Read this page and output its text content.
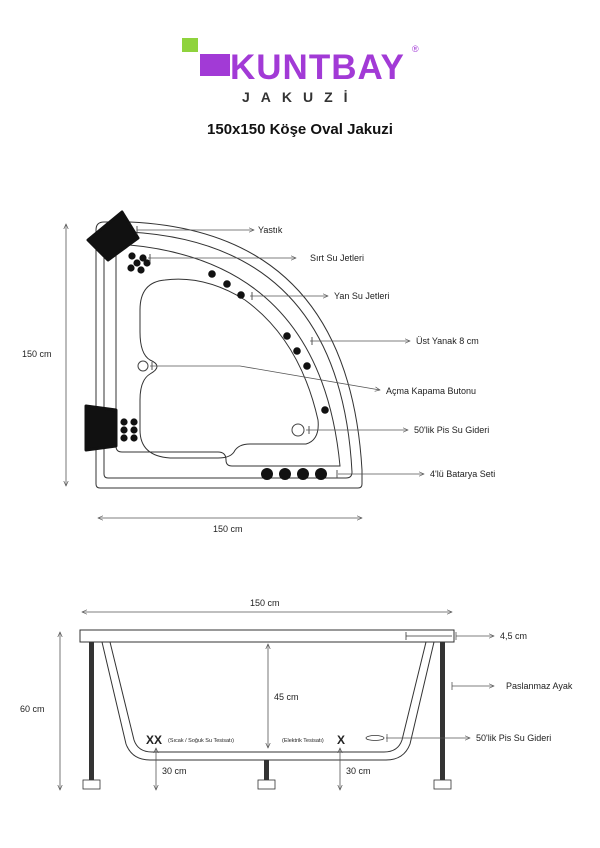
KUNTBAY ®
JAKUZİ
150x150 Köşe Oval Jakuzi
Yastık
Sırt Su Jetleri
Yan Su Jetleri
Üst Yanak 8 cm
Açma Kapama Butonu
50'lik Pis Su Gideri
4'lü Batarya Seti
150 cm
150 cm
150 cm
60 cm
45 cm
4,5 cm
Paslanmaz Ayak
50'lik Pis Su Gideri
XX (Sıcak / Soğuk Su Tesisatı)	(Elektrik Tesisatı) X
30 cm	30 cm
